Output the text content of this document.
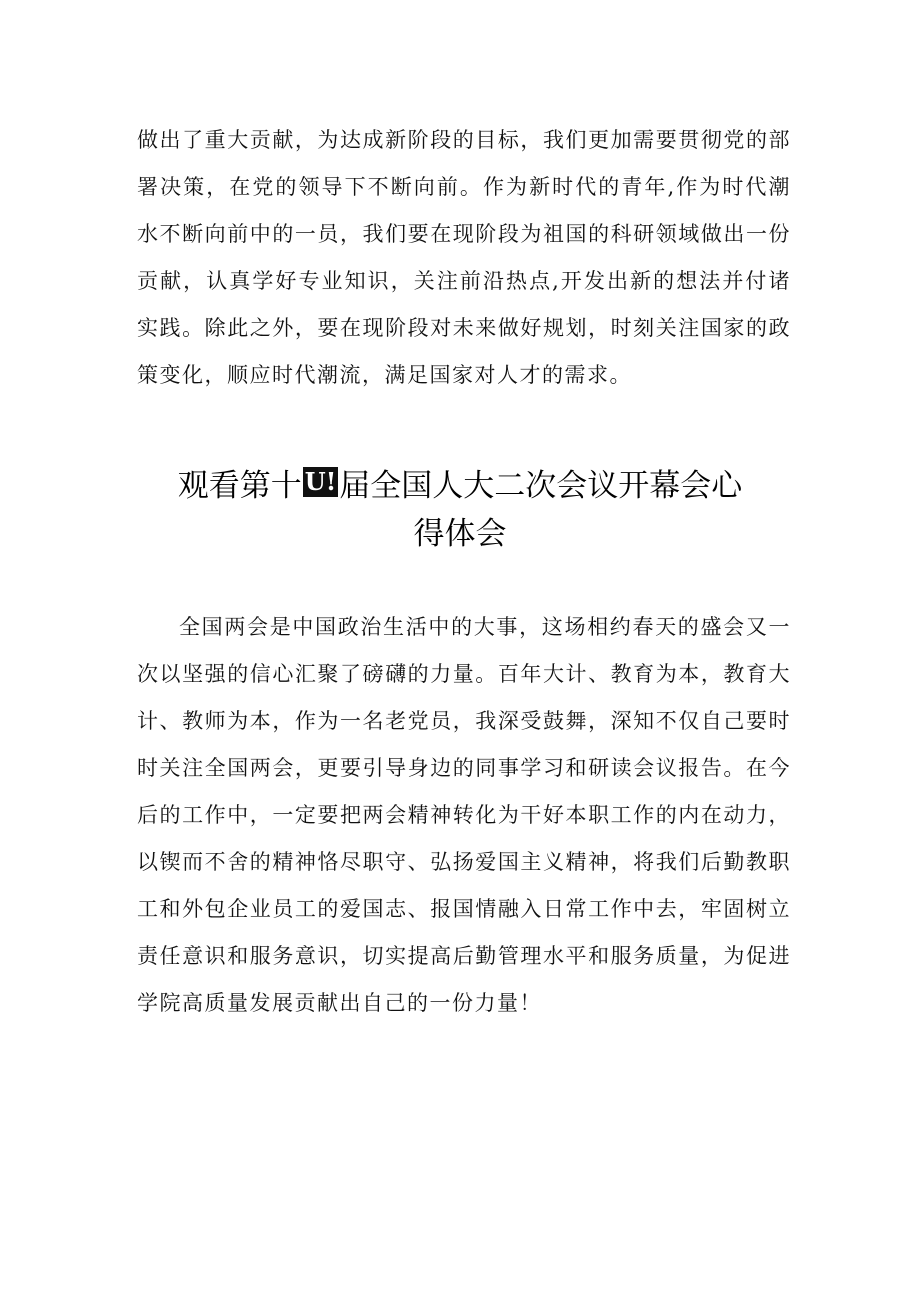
做出了重大贡献，为达成新阶段的目标，我们更加需要贯彻党的部署决策，在党的领导下不断向前。作为新时代的青年,作为时代潮水不断向前中的一员，我们要在现阶段为祖国的科研领域做出一份贡献，认真学好专业知识，关注前沿热点,开发出新的想法并付诸实践。除此之外，要在现阶段对未来做好规划，时刻关注国家的政策变化，顺应时代潮流，满足国家对人才的需求。

观看第十 U!届全国人大二次会议开幕会心
得体会

全国两会是中国政治生活中的大事，这场相约春天的盛会又一次以坚强的信心汇聚了磅礴的力量。百年大计、教育为本，教育大计、教师为本，作为一名老党员，我深受鼓舞，深知不仅自己要时时关注全国两会，更要引导身边的同事学习和研读会议报告。在今后的工作中，一定要把两会精神转化为干好本职工作的内在动力，以锲而不舍的精神恪尽职守、弘扬爱国主义精神，将我们后勤教职工和外包企业员工的爱国志、报国情融入日常工作中去，牢固树立责任意识和服务意识，切实提高后勤管理水平和服务质量，为促进学院高质量发展贡献出自己的一份力量！
